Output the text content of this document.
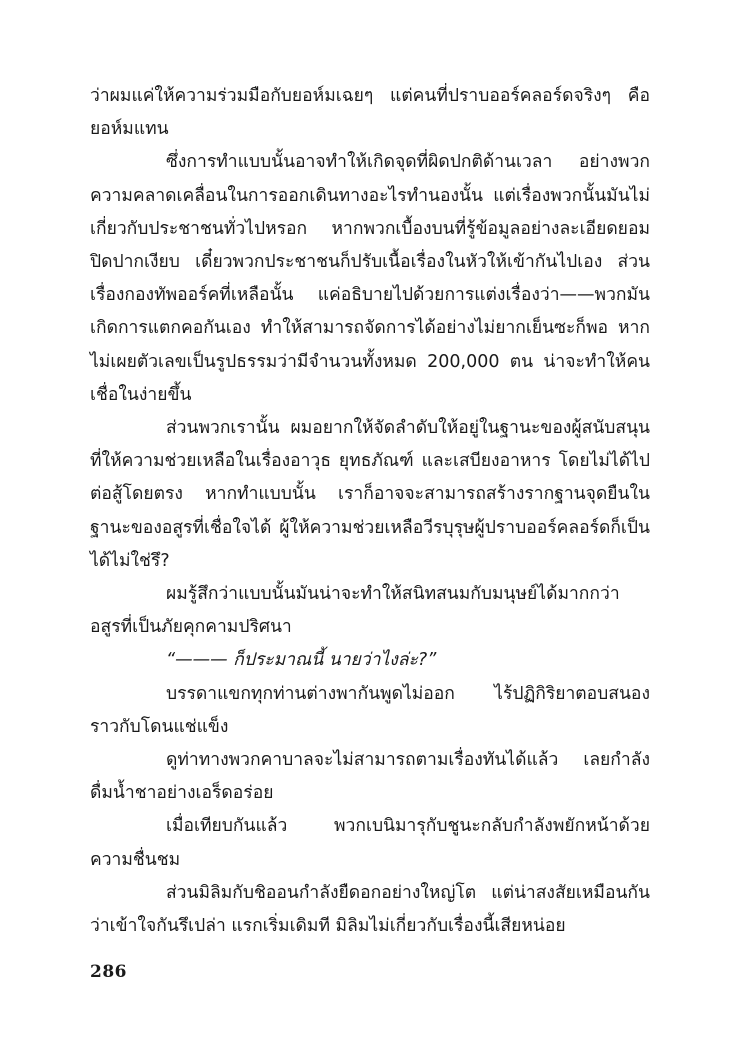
ว่าผมแค่ให้ความร่วมมือกับยอห์มเฉยๆ แต่คนที่ปราบออร์คลอร์ดจริงๆ คือยอห์มแทน

ซึ่งการทำแบบนั้นอาจทำให้เกิดจุดที่ผิดปกติด้านเวลา อย่างพวกความคลาดเคลื่อนในการออกเดินทางอะไรทำนองนั้น แต่เรื่องพวกนั้นมันไม่เกี่ยวกับประชาชนทั่วไปหรอก หากพวกเบื้องบนที่รู้ข้อมูลอย่างละเอียดยอมปิดปากเงียบ เดี๋ยวพวกประชาชนก็ปรับเนื้อเรื่องในหัวให้เข้ากันไปเอง ส่วนเรื่องกองทัพออร์คที่เหลือนั้น แค่อธิบายไปด้วยการแต่งเรื่องว่า——พวกมันเกิดการแตกคอกันเอง ทำให้สามารถจัดการได้อย่างไม่ยากเย็นซะก็พอ หากไม่เผยตัวเลขเป็นรูปธรรมว่ามีจำนวนทั้งหมด 200,000 ตน น่าจะทำให้คนเชื่อในง่ายขึ้น

ส่วนพวกเรานั้น ผมอยากให้จัดลำดับให้อยู่ในฐานะของผู้สนับสนุนที่ให้ความช่วยเหลือในเรื่องอาวุธ ยุทธภัณฑ์ และเสบียงอาหาร โดยไม่ได้ไปต่อสู้โดยตรง หากทำแบบนั้น เราก็อาจจะสามารถสร้างรากฐานจุดยืนในฐานะของอสูรที่เชื่อใจได้ ผู้ให้ความช่วยเหลือวีรบุรุษผู้ปราบออร์คลอร์ดก็เป็นได้ไม่ใช่รึ?

ผมรู้สึกว่าแบบนั้นมันน่าจะทำให้สนิทสนมกับมนุษย์ได้มากกว่าอสูรที่เป็นภัยคุกคามปริศนา

“——— ก็ประมาณนี้ นายว่าไงล่ะ?”

บรรดาแขกทุกท่านต่างพากันพูดไม่ออก ไร้ปฏิกิริยาตอบสนองราวกับโดนแช่แข็ง

ดูท่าทางพวกคาบาลจะไม่สามารถตามเรื่องทันได้แล้ว เลยกำลังดื่มน้ำชาอย่างเอร็ดอร่อย

เมื่อเทียบกันแล้ว พวกเบนิมารุกับชูนะกลับกำลังพยักหน้าด้วยความชื่นชม

ส่วนมิลิมกับชิออนกำลังยืดอกอย่างใหญ่โต แต่น่าสงสัยเหมือนกันว่าเข้าใจกันรึเปล่า แรกเริ่มเดิมที มิลิมไม่เกี่ยวกับเรื่องนี้เสียหน่อย

286
